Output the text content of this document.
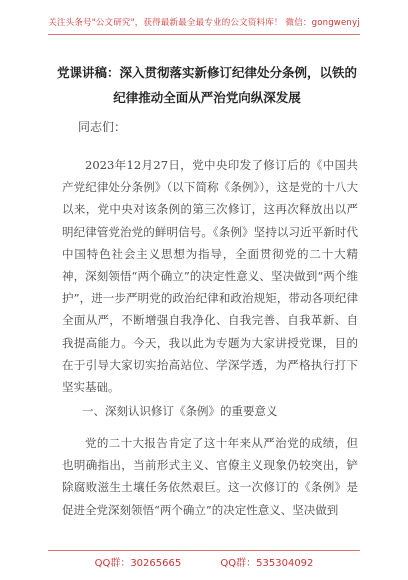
关注头条号"公文研究"，获得最新最全最专业的公文资料库！ 微信：gongwenyj
党课讲稿：深入贯彻落实新修订纪律处分条例，以铁的纪律推动全面从严治党向纵深发展
同志们：
2023年12月27日，党中央印发了修订后的《中国共产党纪律处分条例》（以下简称《条例》），这是党的十八大以来，党中央对该条例的第三次修订，这再次释放出以严明纪律管党治党的鲜明信号。《条例》坚持以习近平新时代中国特色社会主义思想为指导，全面贯彻党的二十大精神，深刻领悟“两个确立”的决定性意义、坚决做到“两个维护”，进一步严明党的政治纪律和政治规矩，带动各项纪律全面从严，不断增强自我净化、自我完善、自我革新、自我提高能力。今天，我以此为专题为大家讲授党课，目的在于引导大家切实抬高站位、学深学透，为严格执行打下坚实基础。
一、深刻认识修订《条例》的重要意义
党的二十大报告肯定了这十年来从严治党的成绩，但也明确指出，当前形式主义、官僚主义现象仍较突出，铲除腐败滋生土壤任务依然艰巨。这一次修订的《条例》是促进全党深刻领悟“两个确立”的决定性意义、坚决做到
QQ群：30265665	QQ群：535304092
